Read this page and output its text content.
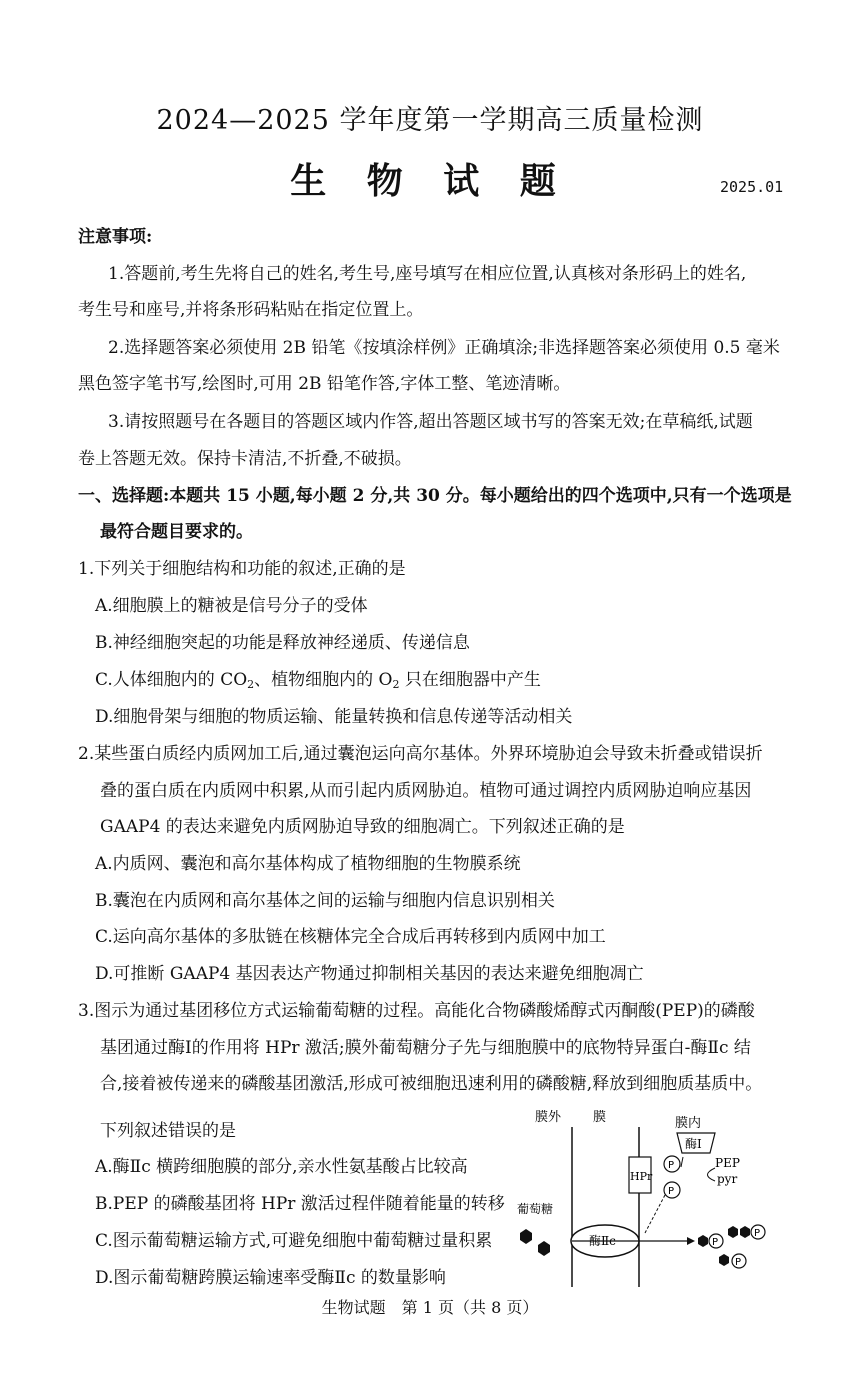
2024—2025 学年度第一学期高三质量检测
生 物 试 题	2025.01
注意事项:
1.答题前,考生先将自己的姓名,考生号,座号填写在相应位置,认真核对条形码上的姓名,
考生号和座号,并将条形码粘贴在指定位置上。
2.选择题答案必须使用 2B 铅笔《按填涂样例》正确填涂;非选择题答案必须使用 0.5 毫米
黑色签字笔书写,绘图时,可用 2B 铅笔作答,字体工整、笔迹清晰。
3.请按照题号在各题目的答题区域内作答,超出答题区域书写的答案无效;在草稿纸,试题
卷上答题无效。保持卡清洁,不折叠,不破损。
一、选择题:本题共 15 小题,每小题 2 分,共 30 分。每小题给出的四个选项中,只有一个选项是
最符合题目要求的。
1.下列关于细胞结构和功能的叙述,正确的是
A.细胞膜上的糖被是信号分子的受体
B.神经细胞突起的功能是释放神经递质、传递信息
C.人体细胞内的 $CO_2$、植物细胞内的 $O_2$ 只在细胞器中产生
D.细胞骨架与细胞的物质运输、能量转换和信息传递等活动相关
2.某些蛋白质经内质网加工后,通过囊泡运向高尔基体。外界环境胁迫会导致未折叠或错误折
叠的蛋白质在内质网中积累,从而引起内质网胁迫。植物可通过调控内质网胁迫响应基因
GAAP4 的表达来避免内质网胁迫导致的细胞凋亡。下列叙述正确的是
A.内质网、囊泡和高尔基体构成了植物细胞的生物膜系统
B.囊泡在内质网和高尔基体之间的运输与细胞内信息识别相关
C.运向高尔基体的多肽链在核糖体完全合成后再转移到内质网中加工
D.可推断 GAAP4 基因表达产物通过抑制相关基因的表达来避免细胞凋亡
3.图示为通过基团移位方式运输葡萄糖的过程。高能化合物磷酸烯醇式丙酮酸(PEP)的磷酸
基团通过酶Ⅰ的作用将 HPr 激活;膜外葡萄糖分子先与细胞膜中的底物特异蛋白-酶Ⅱc 结
合,接着被传递来的磷酸基团激活,形成可被细胞迅速利用的磷酸糖,释放到细胞质基质中。
下列叙述错误的是
A.酶Ⅱc 横跨细胞膜的部分,亲水性氨基酸占比较高
B.PEP 的磷酸基团将 HPr 激活过程伴随着能量的转移
C.图示葡萄糖运输方式,可避免细胞中葡萄糖过量积累
D.图示葡萄糖跨膜运输速率受酶Ⅱc 的数量影响
膜外 膜	膜内
酶Ⅰ
HPr
P
P
PEP
pyr
葡萄糖
酶Ⅱc	P
P
P
生物试题　第 1 页（共 8 页）
